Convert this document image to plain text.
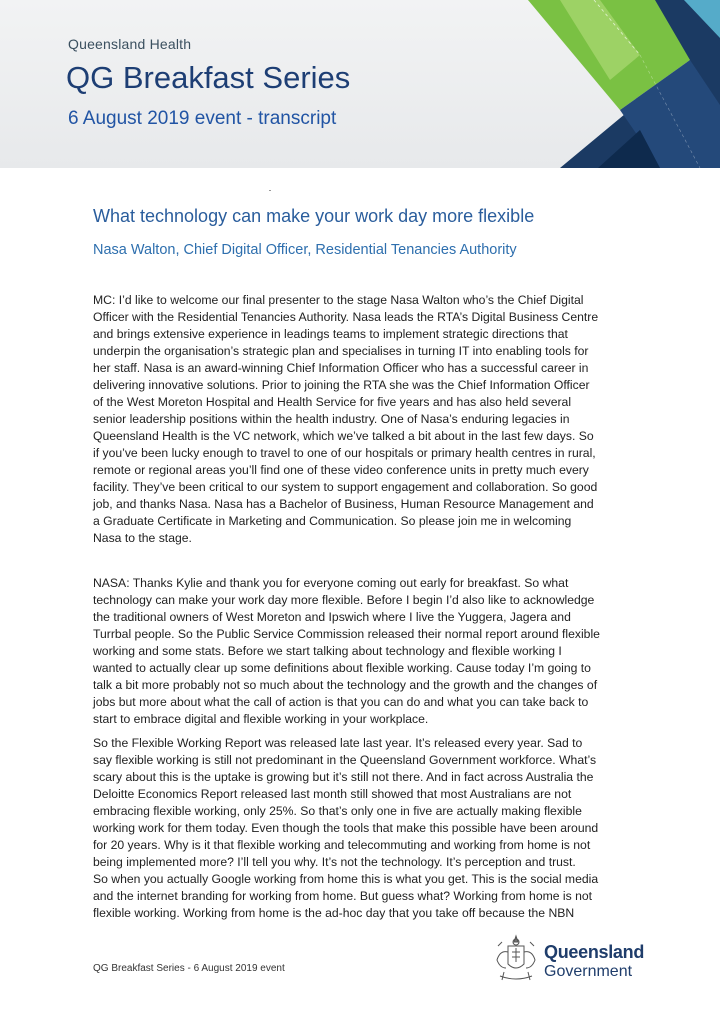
Queensland Health
QG Breakfast Series
6 August 2019 event - transcript
What technology can make your work day more flexible
Nasa Walton, Chief Digital Officer, Residential Tenancies Authority
MC: I’d like to welcome our final presenter to the stage Nasa Walton who’s the Chief Digital
Officer with the Residential Tenancies Authority. Nasa leads the RTA’s Digital Business Centre
and brings extensive experience in leadings teams to implement strategic directions that
underpin the organisation’s strategic plan and specialises in turning IT into enabling tools for
her staff. Nasa is an award-winning Chief Information Officer who has a successful career in
delivering innovative solutions. Prior to joining the RTA she was the Chief Information Officer
of the West Moreton Hospital and Health Service for five years and has also held several
senior leadership positions within the health industry. One of Nasa’s enduring legacies in
Queensland Health is the VC network, which we’ve talked a bit about in the last few days. So
if you’ve been lucky enough to travel to one of our hospitals or primary health centres in rural,
remote or regional areas you’ll find one of these video conference units in pretty much every
facility. They’ve been critical to our system to support engagement and collaboration. So good
job, and thanks Nasa. Nasa has a Bachelor of Business, Human Resource Management and
a Graduate Certificate in Marketing and Communication. So please join me in welcoming
Nasa to the stage.
NASA: Thanks Kylie and thank you for everyone coming out early for breakfast. So what
technology can make your work day more flexible. Before I begin I’d also like to acknowledge
the traditional owners of West Moreton and Ipswich where I live the Yuggera, Jagera and
Turrbal people. So the Public Service Commission released their normal report around flexible
working and some stats. Before we start talking about technology and flexible working I
wanted to actually clear up some definitions about flexible working. Cause today I’m going to
talk a bit more probably not so much about the technology and the growth and the changes of
jobs but more about what the call of action is that you can do and what you can take back to
start to embrace digital and flexible working in your workplace.
So the Flexible Working Report was released late last year. It’s released every year. Sad to
say flexible working is still not predominant in the Queensland Government workforce. What’s
scary about this is the uptake is growing but it’s still not there. And in fact across Australia the
Deloitte Economics Report released last month still showed that most Australians are not
embracing flexible working, only 25%. So that’s only one in five are actually making flexible
working work for them today. Even though the tools that make this possible have been around
for 20 years. Why is it that flexible working and telecommuting and working from home is not
being implemented more? I’ll tell you why. It’s not the technology. It’s perception and trust.
So when you actually Google working from home this is what you get. This is the social media
and the internet branding for working from home. But guess what? Working from home is not
flexible working. Working from home is the ad-hoc day that you take off because the NBN
QG Breakfast Series - 6 August 2019 event
Queensland
Government
